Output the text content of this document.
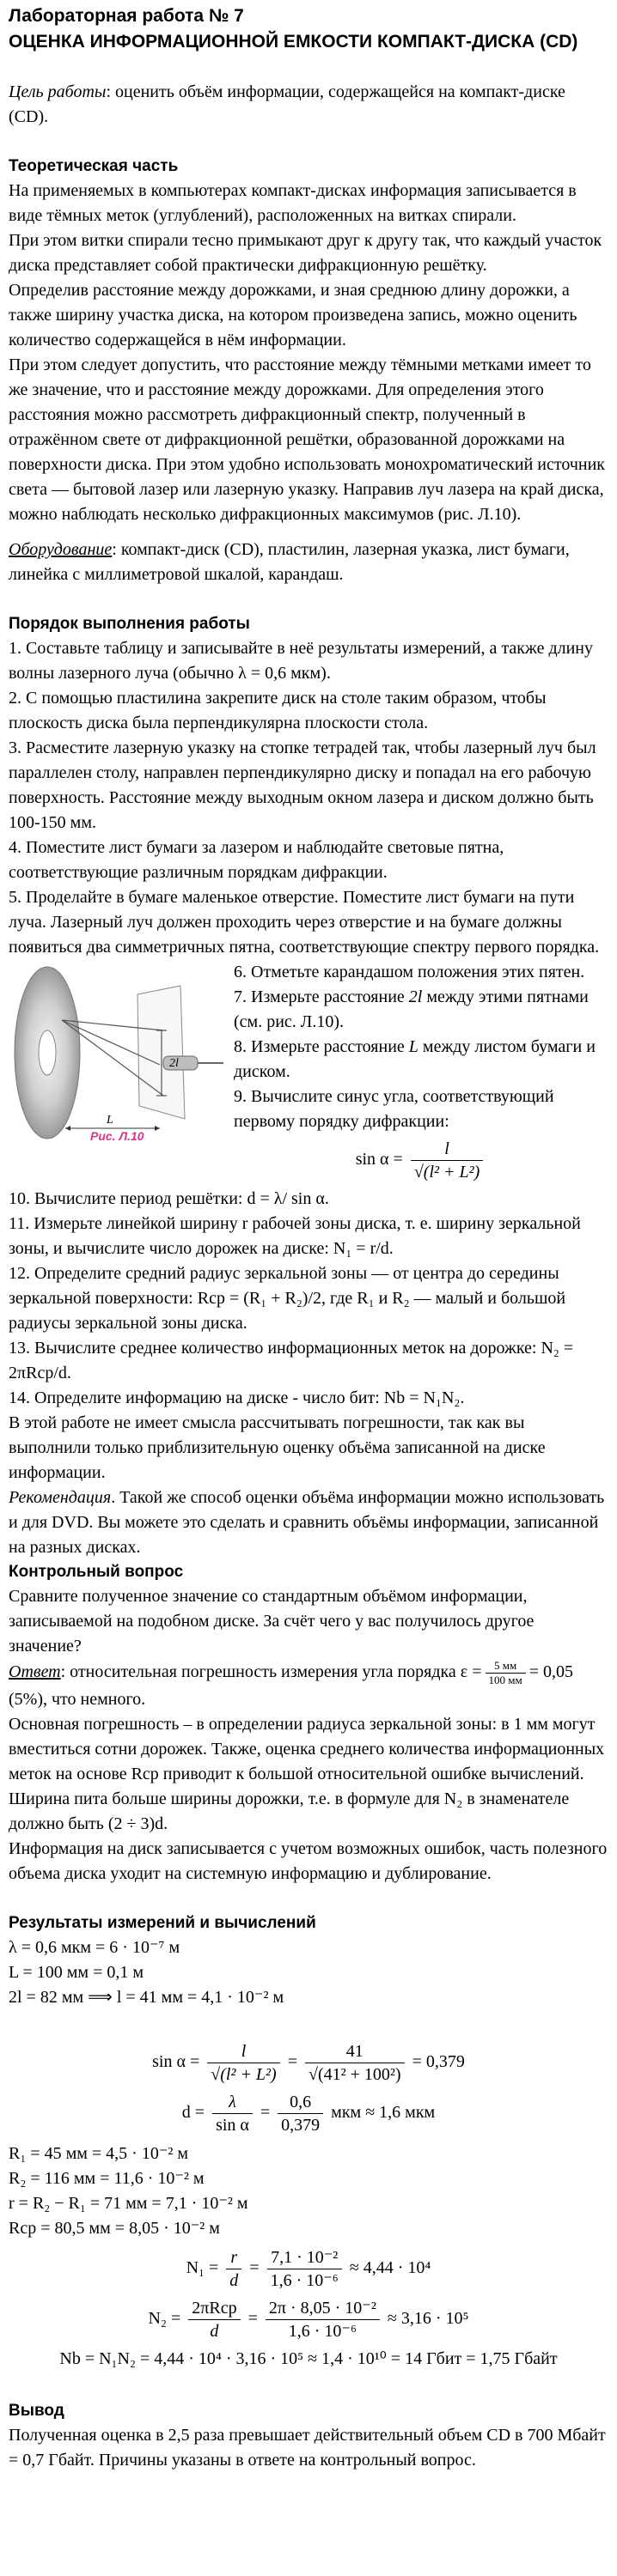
Лабораторная работа № 7
ОЦЕНКА ИНФОРМАЦИОННОЙ ЕМКОСТИ КОМПАКТ-ДИСКА (CD)

Цель работы: оценить объём информации, содержащейся на компакт-диске (CD).

Теоретическая часть

На применяемых в компьютерах компакт-дисках информация записывается в виде тёмных меток (углублений), расположенных на витках спирали.

При этом витки спирали тесно примыкают друг к другу так, что каждый участок диска представляет собой практически дифракционную решётку.

Определив расстояние между дорожками, и зная среднюю длину дорожки, а также ширину участка диска, на котором произведена запись, можно оценить количество содержащейся в нём информации.

При этом следует допустить, что расстояние между тёмными метками имеет то же значение, что и расстояние между дорожками. Для определения этого расстояния можно рассмотреть дифракционный спектр, полученный в отражённом свете от дифракционной решётки, образованной дорожками на поверхности диска. При этом удобно использовать монохроматический источник света — бытовой лазер или лазерную указку. Направив луч лазера на край диска, можно наблюдать несколько дифракционных максимумов (рис. Л.10).

Оборудование: компакт-диск (CD), пластилин, лазерная указка, лист бумаги, линейка с миллиметровой шкалой, карандаш.

Порядок выполнения работы

1. Составьте таблицу и записывайте в неё результаты измерений, а также длину волны лазерного луча (обычно λ = 0,6 мкм).

2. С помощью пластилина закрепите диск на столе таким образом, чтобы плоскость диска была перпендикулярна плоскости стола.

3. Расместите лазерную указку на стопке тетрадей так, чтобы лазерный луч был параллелен столу, направлен перпендикулярно диску и попадал на его рабочую поверхность. Расстояние между выходным окном лазера и диском должно быть 100-150 мм.

4. Поместите лист бумаги за лазером и наблюдайте световые пятна, соответствующие различным порядкам дифракции.

5. Проделайте в бумаге маленькое отверстие. Поместите лист бумаги на пути луча. Лазерный луч должен проходить через отверстие и на бумаге должны появиться два симметричных пятна, соответствующие спектру первого порядка.

2l
L
Рис. Л.10

6. Отметьте карандашом положения этих пятен.

7. Измерьте расстояние 2l между этими пятнами (см. рис. Л.10).

8. Измерьте расстояние L между листом бумаги и диском.

9. Вычислите синус угла, соответствующий первому порядку дифракции:

$\sin \alpha = \frac{l}{\text{√(l² + L²)}}$

10. Вычислите период решётки: d = λ/ sin α.

11. Измерьте линейкой ширину r рабочей зоны диска, т. е. ширину зеркальной зоны, и вычислите число дорожек на диске: N₁ = r/d.

12. Определите средний радиус зеркальной зоны — от центра до середины зеркальной поверхности: Rср = (R₁ + R₂)/2, где R₁ и R₂ — малый и большой радиусы зеркальной зоны диска.

13. Вычислите среднее количество информационных меток на дорожке: N₂ = 2πRср/d.

14. Определите информацию на диске - число бит: Nb = N₁N₂.

В этой работе не имеет смысла рассчитывать погрешности, так как вы выполнили только приблизительную оценку объёма записанной на диске информации.

Рекомендация. Такой же способ оценки объёма информации можно использовать и для DVD. Вы можете это сделать и сравнить объёмы информации, записанной на разных дисках.

Контрольный вопрос

Сравните полученное значение со стандартным объёмом информации, записываемой на подобном диске. За счёт чего у вас получилось другое значение?

Ответ: относительная погрешность измерения угла порядка $\varepsilon = \frac{5 мм}{100 мм} = 0,05$ (5%), что немного.

Основная погрешность – в определении радиуса зеркальной зоны: в 1 мм могут вместиться сотни дорожек. Также, оценка среднего количества информационных меток на основе Rср приводит к большой относительной ошибке вычислений.

Ширина пита больше ширины дорожки, т.е. в формуле для N₂ в знаменателе должно быть (2 ÷ 3)d.

Информация на диск записывается с учетом возможных ошибок, часть полезного объема диска уходит на системную информацию и дублирование.

Результаты измерений и вычислений

λ = 0,6 мкм = 6 · 10⁻⁷ м

L = 100 мм = 0,1 м

2l = 82 мм ⟹ l = 41 мм = 4,1 · 10⁻² м

$\sin \alpha = \frac{l}{\text{√(l² + L²)}} = \frac{41}{\text{√(41² + 100²)}} = 0,379$
$d = \frac{\lambda}{\text{sin α}} = \frac{0,6}{0,379}$ мкм ≈ 1,6 мкм

R₁ = 45 мм = 4,5 · 10⁻² м

R₂ = 116 мм = 11,6 · 10⁻² м

r = R₂ − R₁ = 71 мм = 7,1 · 10⁻² м

Rср = 80,5 мм = 8,05 · 10⁻² м

$N_1 = \frac{r}{d} = \frac{\text{7,1 · 10⁻²}}{\text{1,6 · 10⁻⁶}} \approx 4,44 \cdot 10^4$
$N_2 = \frac{\text{2πRср}}{d} = \frac{\text{2π · 8,05 · 10⁻²}}{\text{1,6 · 10⁻⁶}} \approx 3,16 \cdot 10^5$
Nb = N₁N₂ = 4,44 · 10⁴ · 3,16 · 10⁵ ≈ 1,4 · 10¹⁰ = 14 Гбит = 1,75 Гбайт
Вывод

Полученная оценка в 2,5 раза превышает действительный объем CD в 700 Мбайт = 0,7 Гбайт. Причины указаны в ответе на контрольный вопрос.
